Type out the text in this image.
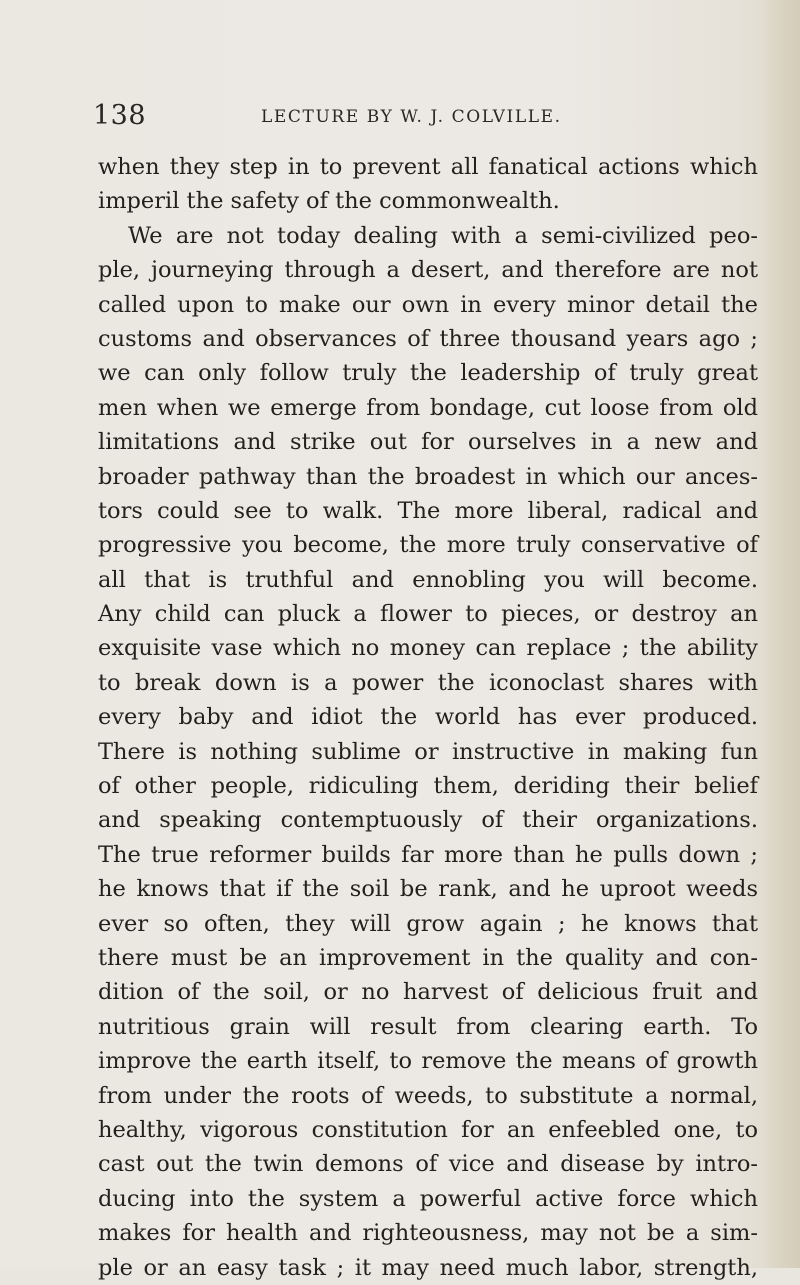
138	LECTURE BY W. J. COLVILLE.
when they step in to prevent all fanatical actions which
imperil the safety of the commonwealth.
We are not today dealing with a semi-civilized peo-
ple, journeying through a desert, and therefore are not
called upon to make our own in every minor detail the
customs and observances of three thousand years ago ;
we can only follow truly the leadership of truly great
men when we emerge from bondage, cut loose from old
limitations and strike out for ourselves in a new and
broader pathway than the broadest in which our ances-
tors could see to walk. The more liberal, radical and
progressive you become, the more truly conservative of
all that is truthful and ennobling you will become.
Any child can pluck a flower to pieces, or destroy an
exquisite vase which no money can replace ; the ability
to break down is a power the iconoclast shares with
every baby and idiot the world has ever produced.
There is nothing sublime or instructive in making fun
of other people, ridiculing them, deriding their belief
and speaking contemptuously of their organizations.
The true reformer builds far more than he pulls down ;
he knows that if the soil be rank, and he uproot weeds
ever so often, they will grow again ; he knows that
there must be an improvement in the quality and con-
dition of the soil, or no harvest of delicious fruit and
nutritious grain will result from clearing earth. To
improve the earth itself, to remove the means of growth
from under the roots of weeds, to substitute a normal,
healthy, vigorous constitution for an enfeebled one, to
cast out the twin demons of vice and disease by intro-
ducing into the system a powerful active force which
makes for health and righteousness, may not be a sim-
ple or an easy task ; it may need much labor, strength,
